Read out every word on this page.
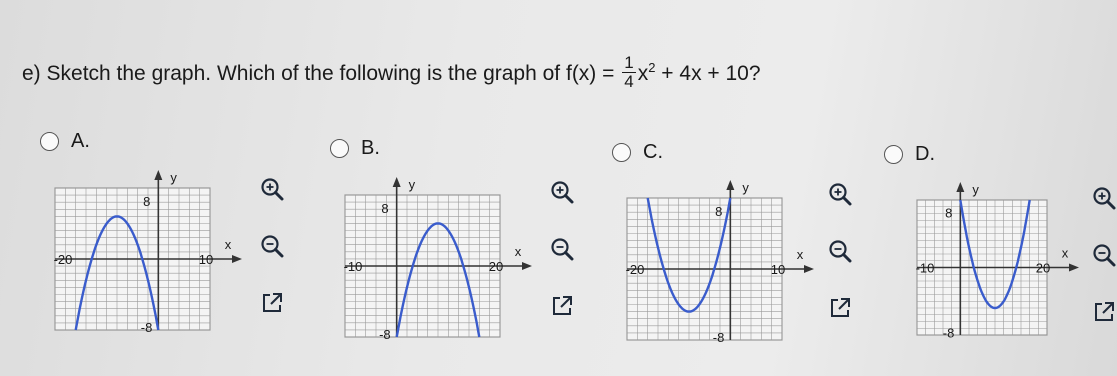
e) Sketch the graph. Which of the following is the graph of $f(x) = \frac{1}{4} x^2 + 4x + 10$?
A.
y
x
8
-8
-20	10
B.
y
x
8
-8
-10	20
C.
y
x
8
-8
-20	10
D.
y
x
8
-8
-10	20
